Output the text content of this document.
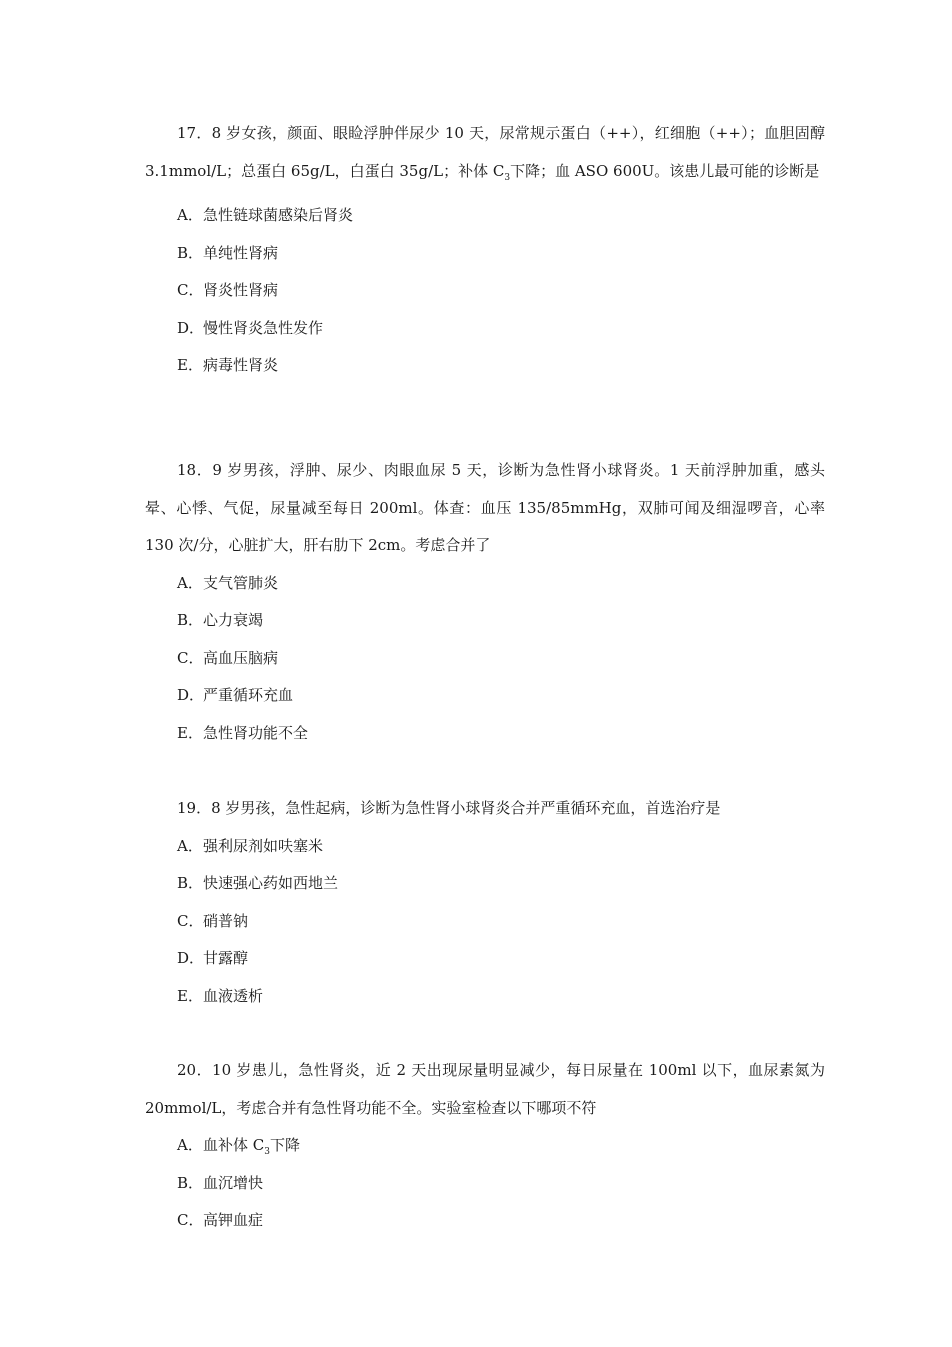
17．8 岁女孩，颜面、眼睑浮肿伴尿少 10 天，尿常规示蛋白（++），红细胞（++）；血胆固醇 3.1mmol/L；总蛋白 65g/L，白蛋白 35g/L；补体 $C_3$下降；血 ASO 600U。该患儿最可能的诊断是

A．急性链球菌感染后肾炎
B．单纯性肾病
C．肾炎性肾病
D．慢性肾炎急性发作
E．病毒性肾炎

18．9 岁男孩，浮肿、尿少、肉眼血尿 5 天，诊断为急性肾小球肾炎。1 天前浮肿加重，感头晕、心悸、气促，尿量减至每日 200ml。体查：血压 135/85mmHg，双肺可闻及细湿啰音，心率 130 次/分，心脏扩大，肝右肋下 2cm。考虑合并了

A．支气管肺炎
B．心力衰竭
C．高血压脑病
D．严重循环充血
E．急性肾功能不全

19．8 岁男孩，急性起病，诊断为急性肾小球肾炎合并严重循环充血，首选治疗是

A．强利尿剂如呋塞米
B．快速强心药如西地兰
C．硝普钠
D．甘露醇
E．血液透析

20．10 岁患儿，急性肾炎，近 2 天出现尿量明显减少，每日尿量在 100ml 以下，血尿素氮为 20mmol/L，考虑合并有急性肾功能不全。实验室检查以下哪项不符

A．血补体 $C_3$下降
B．血沉增快
C．高钾血症
